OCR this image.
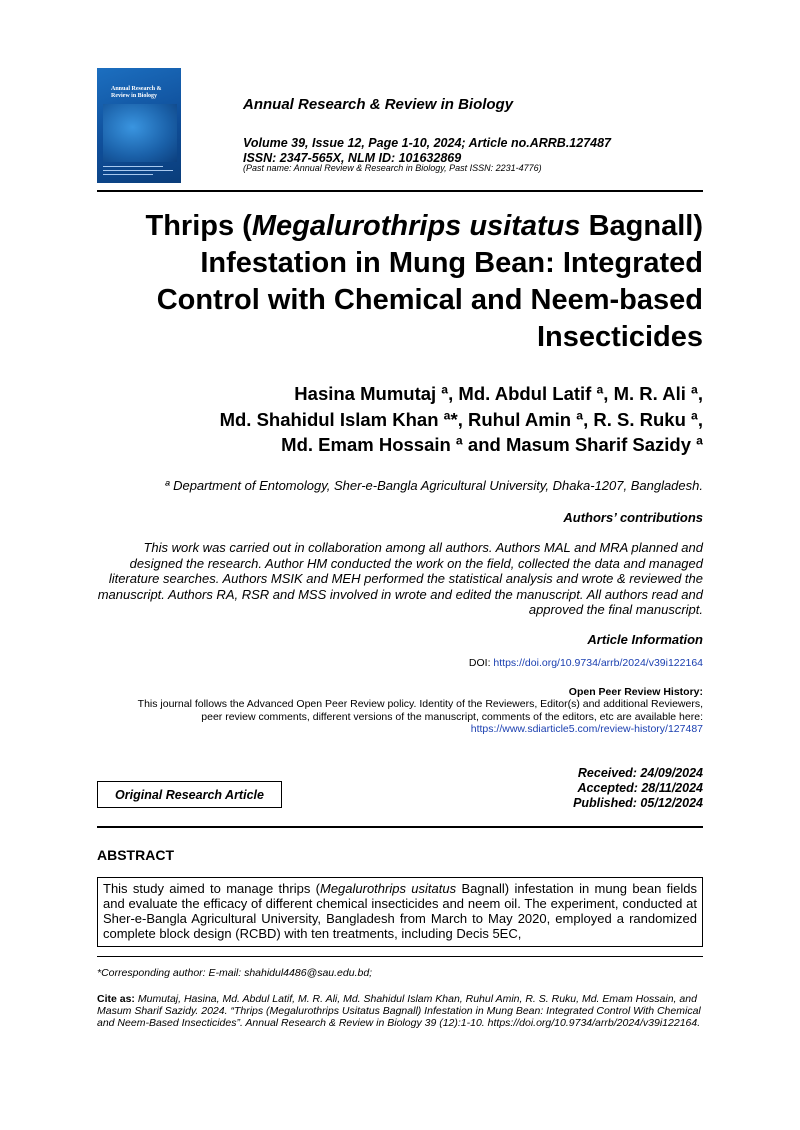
Annual Research & Review in Biology	Annual Research & Review in Biology
Volume 39, Issue 12, Page 1-10, 2024; Article no.ARRB.127487
ISSN: 2347-565X, NLM ID: 101632869
(Past name: Annual Review & Research in Biology, Past ISSN: 2231-4776)
Thrips (Megalurothrips usitatus Bagnall) Infestation in Mung Bean: Integrated Control with Chemical and Neem-based Insecticides
Hasina Mumutaj ª, Md. Abdul Latif ª, M. R. Ali ª,
Md. Shahidul Islam Khan ª*, Ruhul Amin ª, R. S. Ruku ª,
Md. Emam Hossain ª and Masum Sharif Sazidy ª
ª Department of Entomology, Sher-e-Bangla Agricultural University, Dhaka-1207, Bangladesh.
Authors’ contributions
This work was carried out in collaboration among all authors. Authors MAL and MRA planned and designed the research. Author HM conducted the work on the field, collected the data and managed literature searches. Authors MSIK and MEH performed the statistical analysis and wrote & reviewed the manuscript. Authors RA, RSR and MSS involved in wrote and edited the manuscript. All authors read and approved the final manuscript.
Article Information
DOI: https://doi.org/10.9734/arrb/2024/v39i122164
Open Peer Review History:
This journal follows the Advanced Open Peer Review policy. Identity of the Reviewers, Editor(s) and additional Reviewers,
peer review comments, different versions of the manuscript, comments of the editors, etc are available here:
https://www.sdiarticle5.com/review-history/127487
Received: 24/09/2024
Accepted: 28/11/2024
Published: 05/12/2024
Original Research Article
ABSTRACT
This study aimed to manage thrips (Megalurothrips usitatus Bagnall) infestation in mung bean fields and evaluate the efficacy of different chemical insecticides and neem oil. The experiment, conducted at Sher-e-Bangla Agricultural University, Bangladesh from March to May 2020, employed a randomized complete block design (RCBD) with ten treatments, including Decis 5EC,
*Corresponding author: E-mail: shahidul4486@sau.edu.bd;
Cite as: Mumutaj, Hasina, Md. Abdul Latif, M. R. Ali, Md. Shahidul Islam Khan, Ruhul Amin, R. S. Ruku, Md. Emam Hossain, and Masum Sharif Sazidy. 2024. “Thrips (Megalurothrips Usitatus Bagnall) Infestation in Mung Bean: Integrated Control With Chemical and Neem-Based Insecticides”. Annual Research & Review in Biology 39 (12):1-10. https://doi.org/10.9734/arrb/2024/v39i122164.
